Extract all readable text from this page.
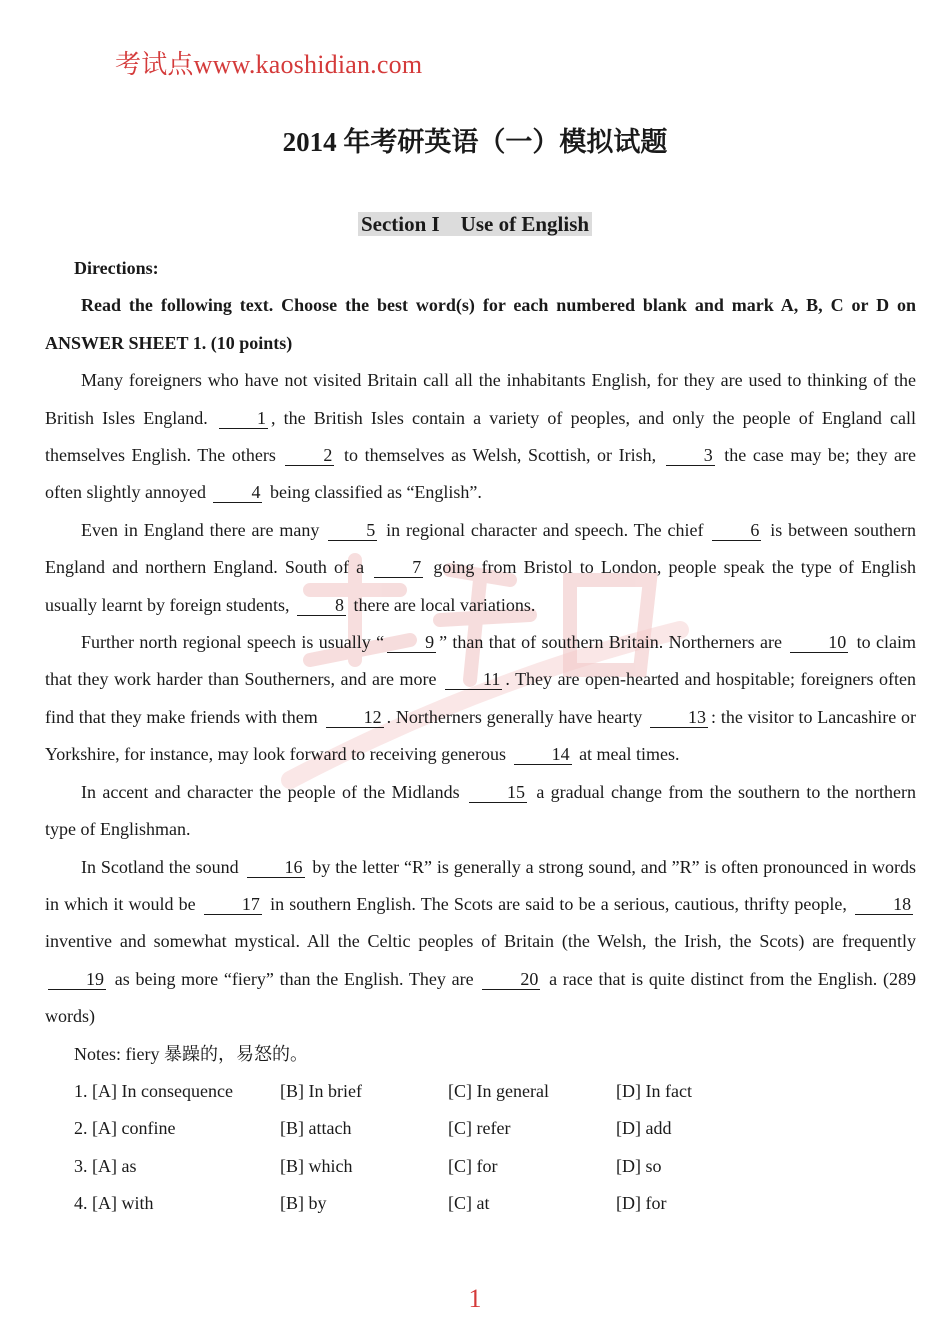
考试点www.kaoshidian.com
2014 年考研英语（一）模拟试题
Section I　Use of English

Directions:

Read the following text. Choose the best word(s) for each numbered blank and mark A, B, C or D on ANSWER SHEET 1. (10 points)

Many foreigners who have not visited Britain call all the inhabitants English, for they are used to thinking of the British Isles England.	1 , the British Isles contain a variety of peoples, and only the people of England call themselves English. The others	2 to themselves as Welsh, Scottish, or Irish,	3 the case may be; they are often slightly annoyed	4 being classified as “English”.

Even in England there are many	5 in regional character and speech. The chief	6 is between southern England and northern England. South of a	7 going from Bristol to London, people speak the type of English usually learnt by foreign students,	8 there are local variations.

Further north regional speech is usually “ 9 ” than that of southern Britain. Northerners are	10 to claim that they work harder than Southerners, and are more	11 . They are open-hearted and hospitable; foreigners often find that they make friends with them	12 . Northerners generally have hearty	13 : the visitor to Lancashire or Yorkshire, for instance, may look forward to receiving generous	14 at meal times.

In accent and character the people of the Midlands	15 a gradual change from the southern to the northern type of Englishman.

In Scotland the sound	16 by the letter “R” is generally a strong sound, and ”R” is often pronounced in words in which it would be	17 in southern English. The Scots are said to be a serious, cautious, thrifty people,	18 inventive and somewhat mystical. All the Celtic peoples of Britain (the Welsh, the Irish, the Scots) are frequently 19 as being more “fiery” than the English. They are	20 a race that is quite distinct from the English. (289 words)

Notes: fiery 暴躁的，易怒的。

1. [A] In consequence	[B] In brief	[C] In general	[D] In fact
2. [A] confine	[B] attach	[C] refer	[D] add
3. [A] as	[B] which	[C] for	[D] so
4. [A] with	[B] by	[C] at	[D] for
1
